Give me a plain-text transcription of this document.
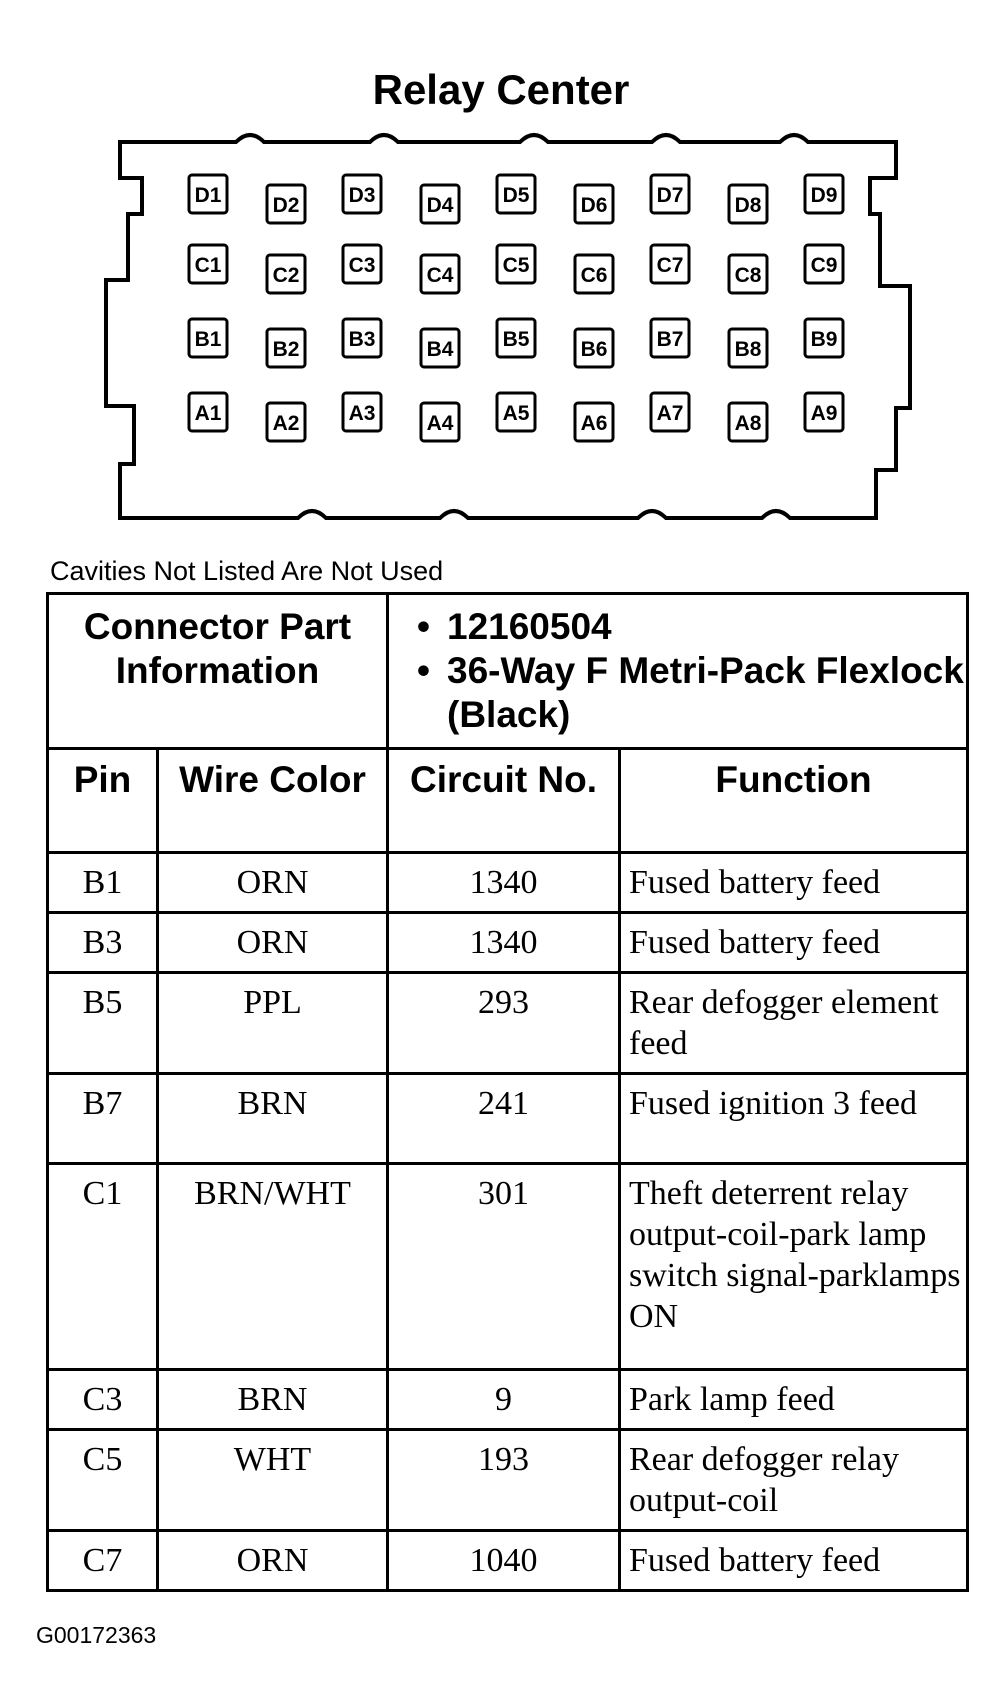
Relay Center
D1 D2 D3 D4 D5 D6 D7 D8 D9
C1 C2 C3 C4 C5 C6 C7 C8 C9
B1 B2 B3 B4 B5 B6 B7 B8 B9
A1 A2 A3 A4 A5 A6 A7 A8 A9
Cavities Not Listed Are Not Used
Connector Part Information		• 12160504
• 36-Way F Metri-Pack Flexlock (Black)	

Pin	Wire Color	Circuit No.	Function
B1	ORN	1340	Fused battery feed
B3	ORN	1340	Fused battery feed
B5	PPL	293	Rear defogger element feed
B7	BRN	241	Fused ignition 3 feed
C1	BRN/WHT	301	Theft deterrent relay output-coil-park lamp switch signal-parklamps ON
C3	BRN	9	Park lamp feed
C5	WHT	193	Rear defogger relay output-coil
C7	ORN	1040	Fused battery feed
G00172363
